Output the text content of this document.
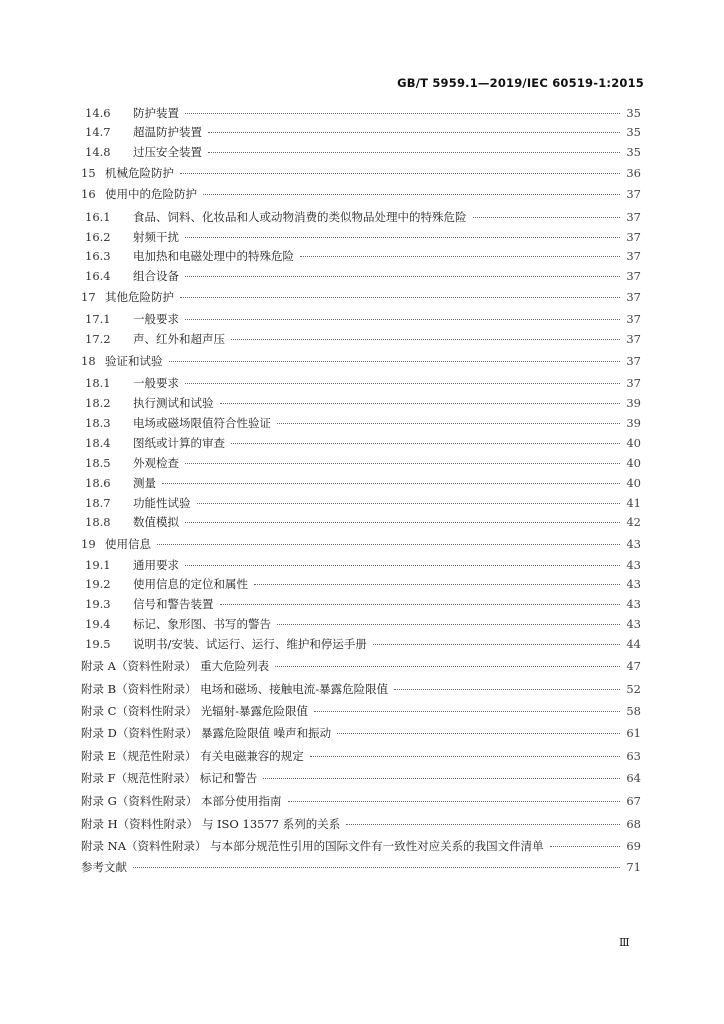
GB/T 5959.1—2019/IEC 60519-1:2015
14.6	防护装置	35
14.7	超温防护装置	35
14.8	过压安全装置	35
15 机械危险防护	36
16 使用中的危险防护	37
16.1	食品、饲料、化妆品和人或动物消费的类似物品处理中的特殊危险	37
16.2	射频干扰	37
16.3	电加热和电磁处理中的特殊危险	37
16.4	组合设备	37
17 其他危险防护	37
17.1	一般要求	37
17.2	声、红外和超声压	37
18 验证和试验	37
18.1	一般要求	37
18.2	执行测试和试验	39
18.3	电场或磁场限值符合性验证	39
18.4	图纸或计算的审查	40
18.5	外观检查	40
18.6	测量	40
18.7	功能性试验	41
18.8	数值模拟	42
19 使用信息	43
19.1	通用要求	43
19.2	使用信息的定位和属性	43
19.3	信号和警告装置	43
19.4	标记、象形图、书写的警告	43
19.5	说明书/安装、试运行、运行、维护和停运手册	44
附录 A（资料性附录） 重大危险列表	47
附录 B（资料性附录） 电场和磁场、接触电流-暴露危险限值	52
附录 C（资料性附录） 光辐射-暴露危险限值	58
附录 D（资料性附录） 暴露危险限值 噪声和振动	61
附录 E（规范性附录） 有关电磁兼容的规定	63
附录 F（规范性附录） 标记和警告	64
附录 G（资料性附录） 本部分使用指南	67
附录 H（资料性附录） 与 ISO 13577 系列的关系	68
附录 NA（资料性附录） 与本部分规范性引用的国际文件有一致性对应关系的我国文件清单	69
参考文献	71
Ⅲ
